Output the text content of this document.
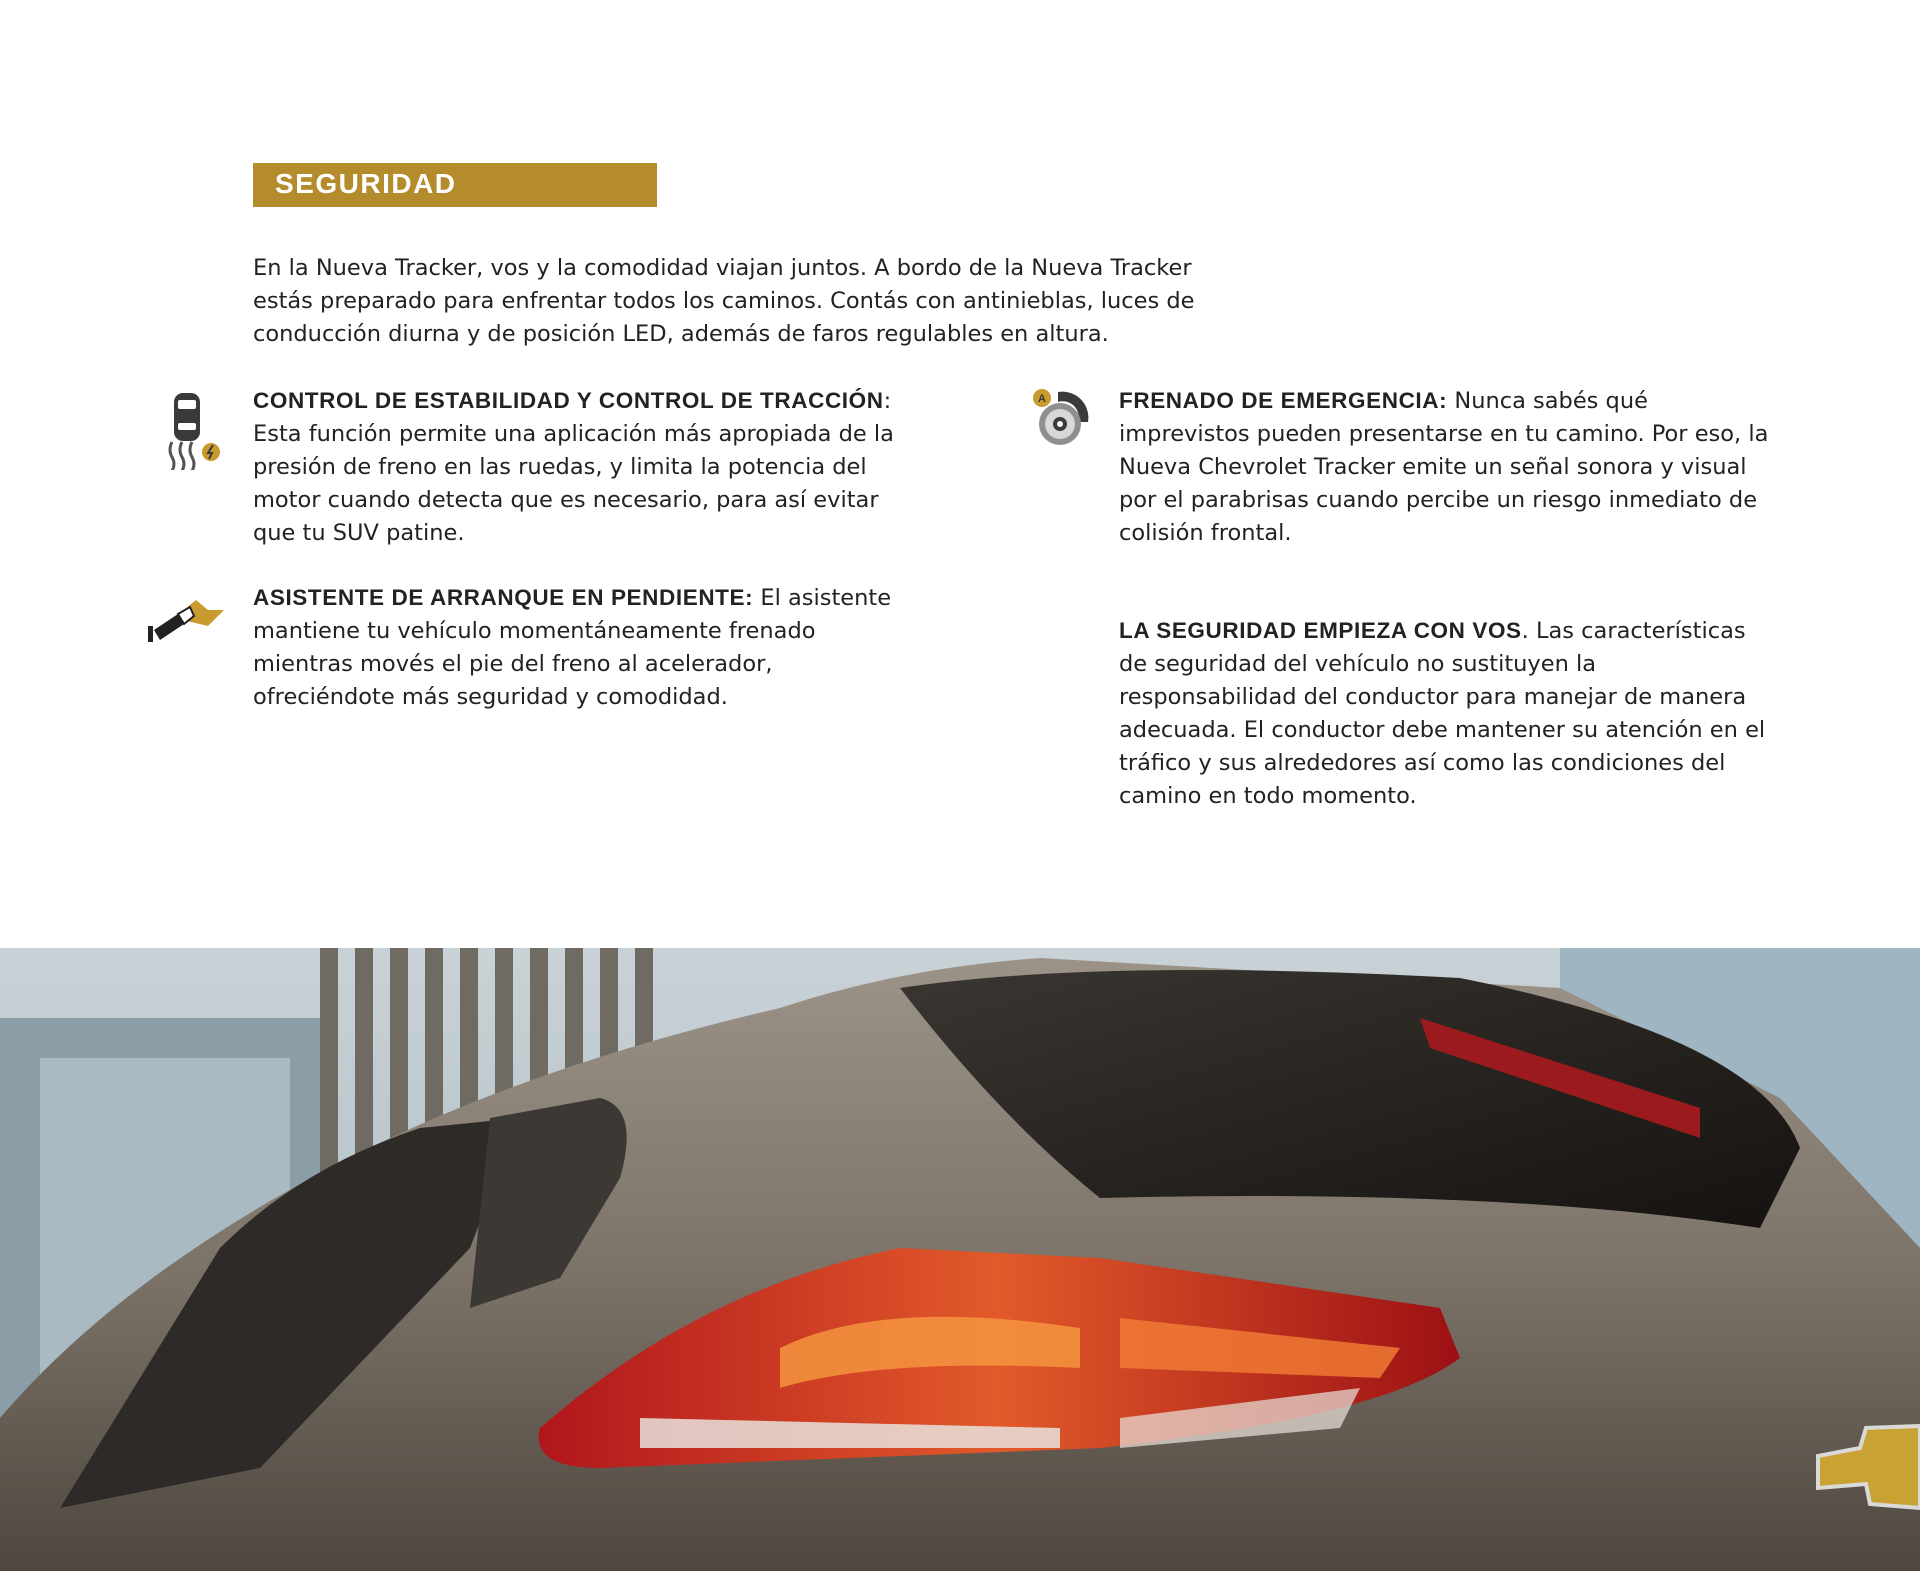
SEGURIDAD

En la Nueva Tracker, vos y la comodidad viajan juntos. A bordo de la Nueva Tracker estás preparado para enfrentar todos los caminos. Contás con antinieblas, luces de conducción diurna y de posición LED, además de faros regulables en altura.

CONTROL DE ESTABILIDAD Y CONTROL DE TRACCIÓN: Esta función permite una aplicación más apropiada de la presión de freno en las ruedas, y limita la potencia del motor cuando detecta que es necesario, para así evitar que tu SUV patine.

A	FRENADO DE EMERGENCIA: Nunca sabés qué imprevistos pueden presentarse en tu camino. Por eso, la Nueva Chevrolet Tracker emite un señal sonora y visual por el parabrisas cuando percibe un riesgo inmediato de colisión frontal.

ASISTENTE DE ARRANQUE EN PENDIENTE: El asistente mantiene tu vehículo momentáneamente frenado mientras movés el pie del freno al acelerador, ofreciéndote más seguridad y comodidad.

LA SEGURIDAD EMPIEZA CON VOS. Las características de seguridad del vehículo no sustituyen la responsabilidad del conductor para manejar de manera adecuada. El conductor debe mantener su atención en el tráfico y sus alrededores así como las condiciones del camino en todo momento.
